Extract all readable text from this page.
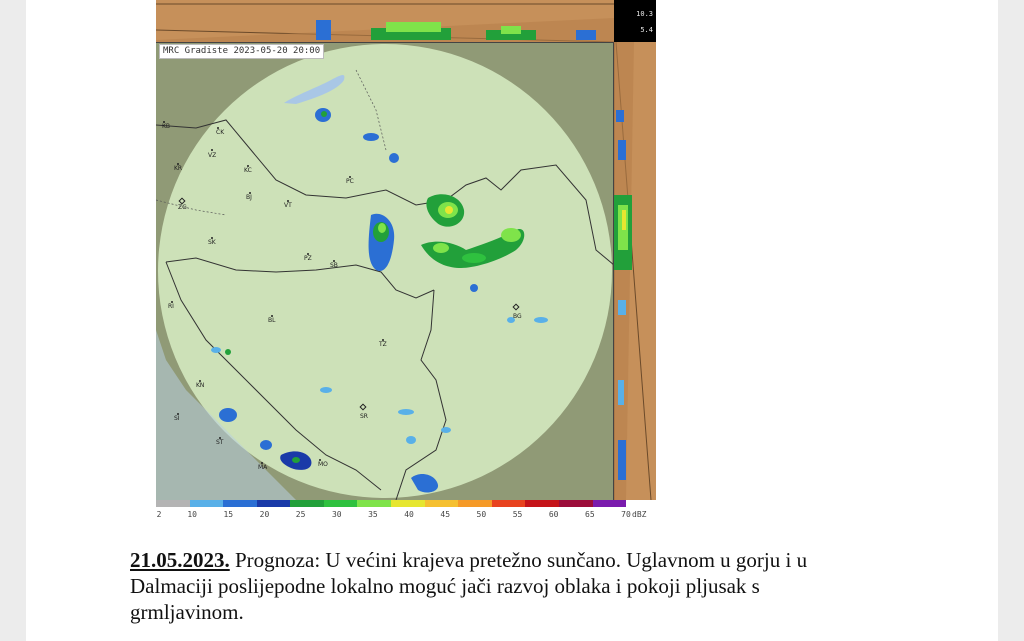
KB
CK
VZ
KC
KR
BJ
ZG	VT
PC
SK
PZ
SB
RI
BL
BG
TZ
KN
SI	SR
ST
MA	MO
MRC Gradiste 2023-05-20 20:00
10.3
5.4
2	10	15	20	25	30	35	40	45	50	55	60	65	70 dBZ
21.05.2023. Prognoza: U većini krajeva pretežno sunčano. Uglavnom u gorju i u Dalmaciji poslijepodne lokalno moguć jači razvoj oblaka i pokoji pljusak s grmljavinom.
